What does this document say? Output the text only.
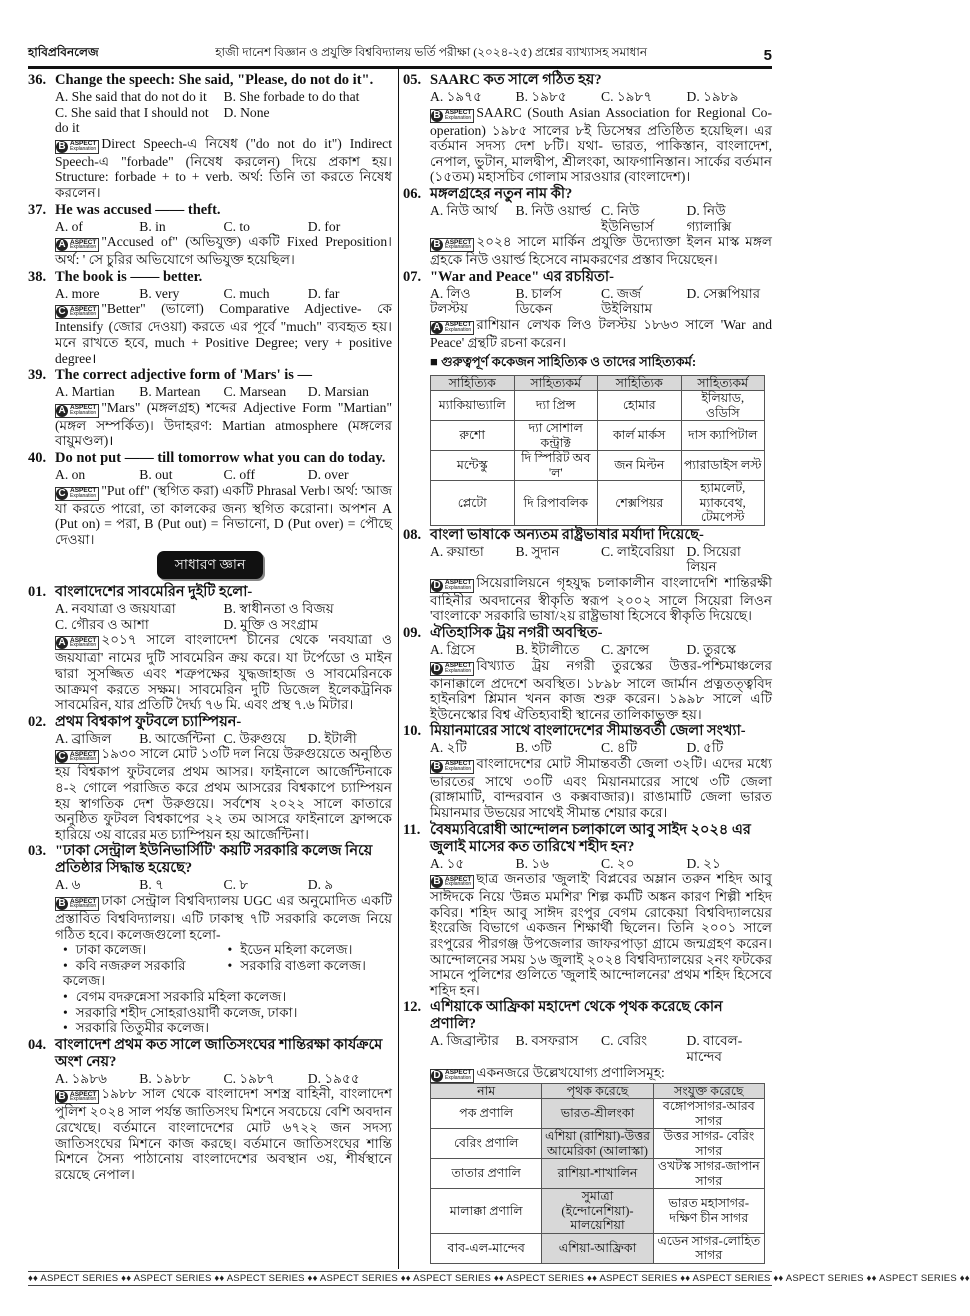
হাবিপ্রবিনলেজ	হাজী দানেশ বিজ্ঞান ও প্রযুক্তি বিশ্ববিদ্যালয় ভর্তি পরীক্ষা (২০২৪-২৫) প্রশ্নের ব্যাখ্যাসহ সমাধান	5
36. Change the speech: She said, "Please, do not do it".
A. She said that do not do it	B. She forbade to do that
C. She said that I should not do it
D. None

B ASPECT
Explanation Direct Speech-এ নিষেধ ("do not do it") Indirect Speech-এ "forbade" (নিষেধ করলেন) দিয়ে প্রকাশ হয়। Structure: forbade + to + verb. অর্থ: তিনি তা করতে নিষেধ করলেন।

37. He was accused —— theft.
A. of	B. in	C. to	D. for

A ASPECT
Explanation "Accused of" (অভিযুক্ত) একটি Fixed Preposition। অর্থ: ' সে চুরির অভিযোগে অভিযুক্ত হয়েছিল।

38. The book is —— better.
A. more	B. very	C. much	D. far

C ASPECT
Explanation "Better" (ভালো) Comparative Adjective- কে Intensify (জোর দেওয়া) করতে এর পূর্বে "much" ব্যবহৃত হয়। মনে রাখতে হবে, much + Positive Degree; very + positive degree।

39. The correct adjective form of 'Mars' is —
A. Martian	B. Martean	C. Marsean	D. Marsian

A ASPECT
Explanation "Mars" (মঙ্গলগ্রহ) শব্দের Adjective Form "Martian" (মঙ্গল সম্পর্কিত)। উদাহরণ: Martian atmosphere (মঙ্গলের বায়ুমণ্ডল)।

40. Do not put —— till tomorrow what you can do today.
A. on	B. out	C. off	D. over

C ASPECT
Explanation "Put off" (স্থগিত করা) একটি Phrasal Verb। অর্থ: 'আজ যা করতে পারো, তা কালকের জন্য স্থগিত করোনা। অপশন A (Put on) = পরা, B (Put out) = নিভানো, D (Put over) = পৌছে দেওয়া।

সাধারণ জ্ঞান
01. বাংলাদেশের সাবমেরিন দুইটি হলো-
A. নবযাত্রা ও জয়যাত্রা	B. স্বাধীনতা ও বিজয়
C. গৌরব ও আশা	D. মুক্তি ও সংগ্রাম

A ASPECT
Explanation ২০১৭ সালে বাংলাদেশ চীনের থেকে 'নবযাত্রা ও জয়যাত্রা' নামের দুটি সাবমেরিন ক্রয় করে। যা টর্পেডো ও মাইন দ্বারা সুসজ্জিত এবং শত্রুপক্ষের যুদ্ধজাহাজ ও সাবমেরিনকে আক্রমণ করতে সক্ষম। সাবমেরিন দুটি ডিজেল ইলেকট্রনিক সাবমেরিন, যার প্রতিটি দৈর্ঘ্য ৭৬ মি. এবং প্রস্থ ৭.৬ মিটার।

02. প্রথম বিশ্বকাপ ফুটবলে চ্যাম্পিয়ন-
A. ব্রাজিল	B. আর্জেন্টিনা C. উরুগুয়ে	D. ইটালী

C ASPECT
Explanation ১৯৩০ সালে মোট ১৩টি দল নিয়ে উরুগুয়েতে অনুষ্ঠিত হয় বিশ্বকাপ ফুটবলের প্রথম আসর। ফাইনালে আর্জেন্টিনাকে ৪-২ গোলে পরাজিত করে প্রথম আসরের বিশ্বকাপে চ্যাম্পিয়ন হয় স্বাগতিক দেশ উরুগুয়ে। সর্বশেষ ২০২২ সালে কাতারে অনুষ্ঠিত ফুটবল বিশ্বকাপের ২২ তম আসরে ফাইনালে ফ্রান্সকে হারিয়ে ৩য় বারের মত চ্যাম্পিয়ন হয় আর্জেন্টিনা।

03. "ঢাকা সেন্ট্রাল ইউনিভার্সিটি' কয়টি সরকারি কলেজ নিয়ে প্রতিষ্ঠার সিদ্ধান্ত হয়েছে?
A. ৬	B. ৭	C. ৮	D. ৯

B ASPECT
Explanation ঢাকা সেন্ট্রাল বিশ্ববিদ্যালয় UGC এর অনুমোদিত একটি প্রস্তাবিত বিশ্ববিদ্যালয়। এটি ঢাকাস্থ ৭টি সরকারি কলেজ নিয়ে গঠিত হবে। কলেজগুলো হলো-

• ঢাকা কলেজ।	• ইডেন মহিলা কলেজ।
• কবি নজরুল সরকারি কলেজ।
• সরকারি বাঙলা কলেজ।
• বেগম বদরুন্নেসা সরকারি মহিলা কলেজ।
• সরকারি শহীদ সোহরাওয়ার্দী কলেজ, ঢাকা।
• সরকারি তিতুমীর কলেজ।
04. বাংলাদেশ প্রথম কত সালে জাতিসংঘের শান্তিরক্ষা কার্যক্রমে অংশ নেয়?
A. ১৯৮৬	B. ১৯৮৮	C. ১৯৮৭	D. ১৯৫৫

B ASPECT
Explanation ১৯৮৮ সাল থেকে বাংলাদেশ সশস্ত্র বাহিনী, বাংলাদেশ পুলিশ ২০২৪ সাল পর্যন্ত জাতিসংঘ মিশনে সবচেয়ে বেশি অবদান রেখেছে। বর্তমানে বাংলাদেশের মোট ৬৭২২ জন সদস্য জাতিসংঘের মিশনে কাজ করছে। বর্তমানে জাতিসংঘের শান্তি মিশনে সৈন্য পাঠানোয় বাংলাদেশের অবস্থান ৩য়, শীর্ষস্থানে রয়েছে নেপাল।

05. SAARC কত সালে গঠিত হয়?
A. ১৯৭৫	B. ১৯৮৫	C. ১৯৮৭	D. ১৯৮৯

B ASPECT
Explanation SAARC (South Asian Association for Regional Co-operation) ১৯৮৫ সালের ৮ই ডিসেম্বর প্রতিষ্ঠিত হয়েছিল। এর বর্তমান সদস্য দেশ ৮টি। যথা- ভারত, পাকিস্তান, বাংলাদেশ, নেপাল, ভুটান, মালদ্বীপ, শ্রীলংকা, আফগানিস্তান। সার্কের বর্তমান (১৫তম) মহাসচিব গোলাম সারওয়ার (বাংলাদেশ)।

06. মঙ্গলগ্রহের নতুন নাম কী?
A. নিউ আর্থ	B. নিউ ওয়ার্ল্ড C. নিউ ইউনিভার্স
D. নিউ গ্যালাক্সি

B ASPECT
Explanation ২০২৪ সালে মার্কিন প্রযুক্তি উদ্যোক্তা ইলন মাস্ক মঙ্গল গ্রহকে নিউ ওয়ার্ল্ড হিসেবে নামকরণের প্রস্তাব দিয়েছেন।

07. "War and Peace" এর রচয়িতা-
A. লিও টলস্টয়
B. চার্লস ডিকেন
C. জর্জ উইলিয়াম
D. সেক্সপিয়ার

A ASPECT
Explanation রাশিয়ান লেখক লিও টলস্টয় ১৮৬৩ সালে 'War and Peace' গ্রন্থটি রচনা করেন।

■ গুরুত্বপূর্ণ ককেজন সাহিত্যিক ও তাদের সাহিত্যকর্ম:
সাহিত্যিক	সাহিত্যকর্ম	সাহিত্যিক	সাহিত্যকর্ম
ম্যাকিয়াভ্যালি	দ্যা প্রিন্স	হোমার	ইলিয়াড, ওডিসি
রুশো	দ্যা সোশাল কন্ট্রাক্ট	কার্ল মার্কস	দাস ক্যাপিটাল
মন্টেস্কু	দি স্পিরিট অব 'ল'	জন মিল্টন	প্যারাডাইস লস্ট
প্লেটো	দি রিপাবলিক	শেক্সপিয়র	হ্যামলেট, ম্যাকবেথ, টেমপেস্ট
08. বাংলা ভাষাকে অন্যতম রাষ্ট্রভাষার মর্যাদা দিয়েছে-
A. রুয়ান্ডা	B. সুদান	C. লাইবেরিয়া D. সিয়েরা লিয়ন

D ASPECT
Explanation সিয়েরালিয়নে গৃহযুদ্ধ চলাকালীন বাংলাদেশি শান্তিরক্ষী বাহিনীর অবদানের স্বীকৃতি স্বরূপ ২০০২ সালে সিয়েরা লিওন 'বাংলাকে' সরকারি ভাষা/২য় রাষ্ট্রভাষা হিসেবে স্বীকৃতি দিয়েছে।

09. ঐতিহাসিক ট্রয় নগরী অবস্থিত-
A. গ্রিসে	B. ইটালীতে	C. ফ্রান্সে	D. তুরস্কে

D ASPECT
Explanation বিখ্যাত ট্রয় নগরী তুরস্কের উত্তর-পশ্চিমাঞ্চলের কানাক্কালে প্রদেশে অবস্থিত। ১৮৯৮ সালে জার্মান প্রত্নতত্ত্ববিদ হাইনরিশ শ্লিমান খনন কাজ শুরু করেন। ১৯৯৮ সালে এটি ইউনেস্কোর বিশ্ব ঐতিহ্যবাহী স্থানের তালিকাভুক্ত হয়।

10. মিয়ানমারের সাথে বাংলাদেশের সীমান্তবর্তী জেলা সংখ্যা-
A. ২টি	B. ৩টি	C. ৪টি	D. ৫টি

B ASPECT
Explanation বাংলাদেশের মোট সীমান্তবর্তী জেলা ৩২টি। এদের মধ্যে ভারতের সাথে ৩০টি এবং মিয়ানমারের সাথে ৩টি জেলা (রাঙ্গামাটি, বান্দরবান ও কক্সবাজার)। রাঙামাটি জেলা ভারত মিয়ানমার উভয়ের সাথেই সীমান্ত শেয়ার করে।

11. বৈষম্যবিরোধী আন্দোলন চলাকালে আবু সাইদ ২০২৪ এর জুলাই মাসের কত তারিখে শহীদ হন?
A. ১৫	B. ১৬	C. ২০	D. ২১

B ASPECT
Explanation ছাত্র জনতার 'জুলাই' বিপ্লবের অম্লান তরুন শহিদ আবু সাঈদকে নিয়ে 'উন্নত মমশির' শিল্প কর্মটি অঙ্কন কারণ শিল্পী শহিদ কবির। শহিদ আবু সাঈদ রংপুর বেগম রোকেয়া বিশ্ববিদ্যালয়ের ইংরেজি বিভাগে একজন শিক্ষার্থী ছিলেন। তিনি ২০০১ সালে রংপুরের পীরগঞ্জ উপজেলার জাফরপাড়া গ্রামে জন্মগ্রহণ করেন। আন্দোলনের সময় ১৬ জুলাই ২০২৪ বিশ্ববিদ্যালয়ের ২নং ফটকের সামনে পুলিশের গুলিতে 'জুলাই আন্দোলনের' প্রথম শহিদ হিসেবে শহিদ হন।

12. এশিয়াকে আফ্রিকা মহাদেশ থেকে পৃথক করেছে কোন প্রণালি?
A. জিব্রাল্টার	B. বসফরাস	C. বেরিং	D. বাবেল-মান্দেব

D ASPECT
Explanation একনজরে উল্লেখযোগ্য প্রণালিসমূহ:

নাম	পৃথক করেছে	সংযুক্ত করেছে
পক প্রণালি	ভারত-শ্রীলংকা	বঙ্গোপসাগর-আরব সাগর
বেরিং প্রণালি	এশিয়া (রাশিয়া)-উত্তর আমেরিকা (আলাস্কা)	উত্তর সাগর- বেরিং সাগর
তাতার প্রণালি	রাশিয়া-শাখালিন	ওখটস্ক সাগর-জাপান সাগর
মালাক্কা প্রণালি	সুমাত্রা (ইন্দোনেশিয়া)-মালয়েশিয়া	ভারত মহাসাগর-দক্ষিণ চীন সাগর
বাব-এল-মান্দেব	এশিয়া-আফ্রিকা	এডেন সাগর-লোহিত সাগর
♦♦ ASPECT SERIES ♦♦ ASPECT SERIES ♦♦ ASPECT SERIES ♦♦ ASPECT SERIES ♦♦ ASPECT SERIES ♦♦ ASPECT SERIES ♦♦ ASPECT SERIES ♦♦ ASPECT SERIES ♦♦ ASPECT SERIES ♦♦ ASPECT SERIES ♦♦
